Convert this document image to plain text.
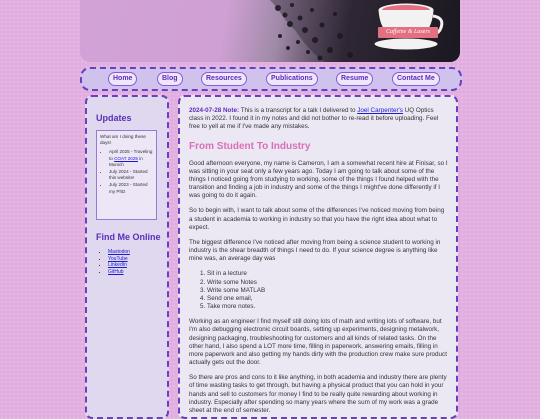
Caffeine & Lasers
Home	Blog	Resources	Publications	Resume	Contact Me
Updates
What am I doing these days!
• April 2025 - Traveling to COAT 2025 in Munich
• July 2024 - Started this website!
• July 2023 - Started my PhD
Find Me Online
• Mastodon
• YouTube
• LinkedIn
• GitHub

2024-07-28 Note: This is a transcript for a talk I delivered to Joel Carpenter's UQ Optics class in 2022. I found it in my notes and did not bother to re-read it before uploading. Feel free to yell at me if I've made any mistakes.

From Student To Industry

Good afternoon everyone, my name is Cameron, I am a somewhat recent hire at Finisar, so I was sitting in your seat only a few years ago. Today I am going to talk about some of the things I noticed going from studying to working, some of the things I found helped with the transition and finding a job in industry and some of the things I might've done differently if I was going to do it again.

So to begin with, I want to talk about some of the differences I've noticed moving from being a student in academia to working in industry so that you have the right idea about what to expect.

The biggest difference I've noticed after moving from being a science student to working in industry is the shear breadth of things I need to do. If your science degree is anything like mine was, an average day was

1. Sit in a lecture
2. Write some Notes
3. Write some MATLAB
4. Send one email,
5. Take more notes.

Working as an engineer I find myself still doing lots of math and writing lots of software, but I'm also debugging electronic circuit boards, setting up experiments, designing metalwork, designing packaging, troubleshooting for customers and all kinds of related tasks. On the other hand, I also spend a LOT more time, filling in paperwork, answering emails, filling in more paperwork and also getting my hands dirty with the production crew make sure product actually gets out the door.

So there are pros and cons to it like anything, in both academia and industry there are plenty of time wasting tasks to get through, but having a physical product that you can hold in your hands and sell to customers for money I find to be really quite rewarding about working in industry. Especially after spending so many years where the sum of my work was a grade sheet at the end of semester.
